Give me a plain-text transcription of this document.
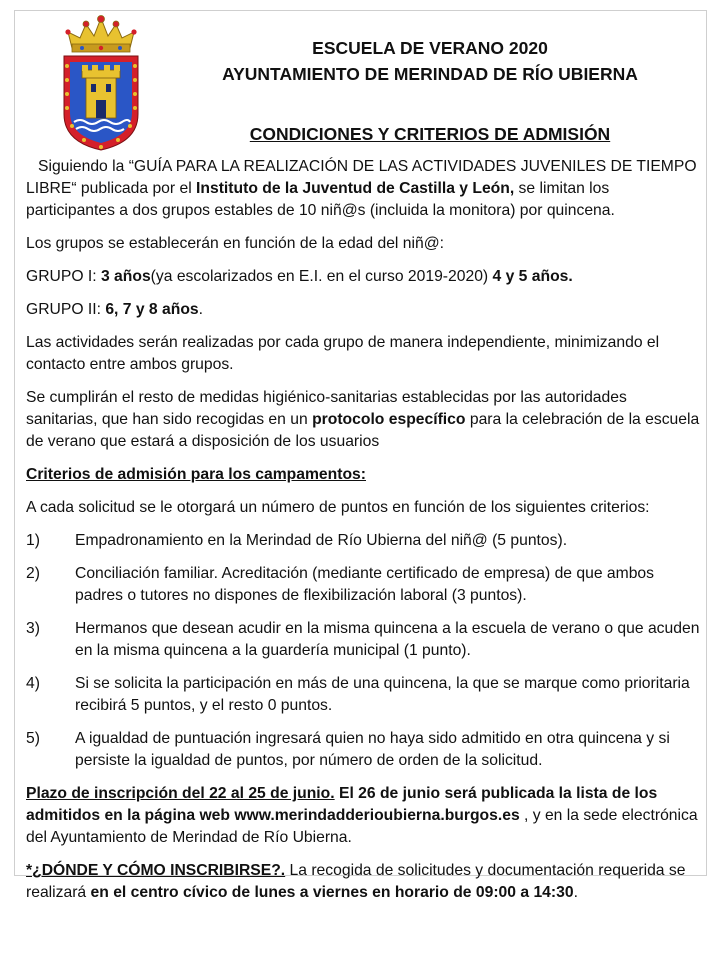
ESCUELA DE VERANO 2020
AYUNTAMIENTO DE MERINDAD DE RÍO UBIERNA
CONDICIONES Y CRITERIOS DE ADMISIÓN

Siguiendo la “GUÍA PARA LA REALIZACIÓN DE LAS ACTIVIDADES JUVENILES DE TIEMPO LIBRE“ publicada por el Instituto de la Juventud de Castilla y León, se limitan los participantes a dos grupos estables de 10 niñ@s (incluida la monitora) por quincena.

Los grupos se establecerán en función de la edad del niñ@:

GRUPO I: 3 años(ya escolarizados en E.I. en el curso 2019-2020) 4 y 5 años.

GRUPO II: 6, 7 y 8 años.

Las actividades serán realizadas por cada grupo de manera independiente, minimizando el contacto entre ambos grupos.

Se cumplirán el resto de medidas higiénico-sanitarias establecidas por las autoridades sanitarias, que han sido recogidas en un protocolo específico para la celebración de la escuela de verano que estará a disposición de los usuarios

Criterios de admisión para los campamentos:

A cada solicitud se le otorgará un número de puntos en función de los siguientes criterios:

1) Empadronamiento en la Merindad de Río Ubierna del niñ@ (5 puntos).
2) Conciliación familiar. Acreditación (mediante certificado de empresa) de que ambos padres o tutores no dispones de flexibilización laboral (3 puntos).
3) Hermanos que desean acudir en la misma quincena a la escuela de verano o que acuden en la misma quincena a la guardería municipal (1 punto).
4) Si se solicita la participación en más de una quincena, la que se marque como prioritaria recibirá 5 puntos, y el resto 0 puntos.
5) A igualdad de puntuación ingresará quien no haya sido admitido en otra quincena y si persiste la igualdad de puntos, por número de orden de la solicitud.

Plazo de inscripción del 22 al 25 de junio. El 26 de junio será publicada la lista de los admitidos en la página web www.merindadderioubierna.burgos.es , y en la sede electrónica del Ayuntamiento de Merindad de Río Ubierna.

*¿DÓNDE Y CÓMO INSCRIBIRSE?. La recogida de solicitudes y documentación requerida se realizará en el centro cívico de lunes a viernes en horario de 09:00 a 14:30.
